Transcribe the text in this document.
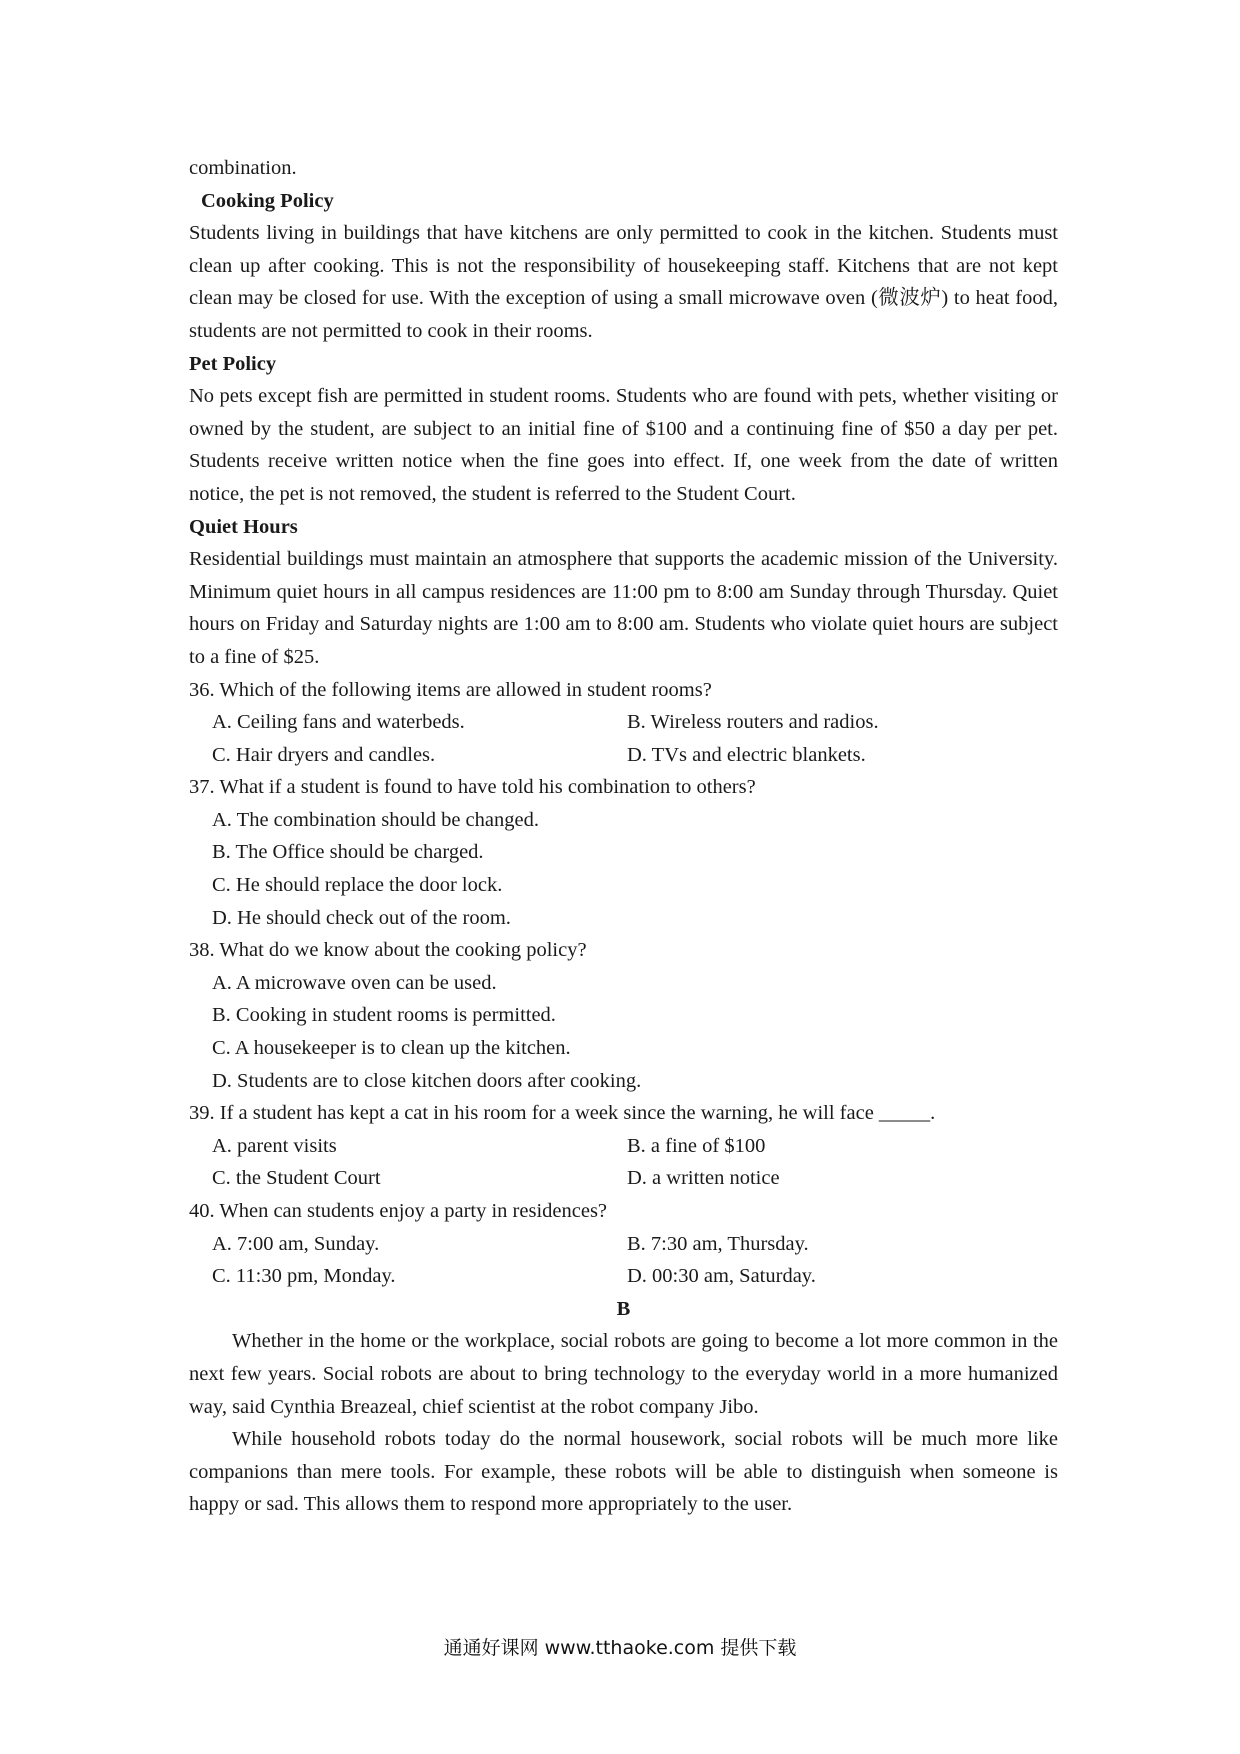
combination.

Cooking Policy

Students living in buildings that have kitchens are only permitted to cook in the kitchen. Students must clean up after cooking. This is not the responsibility of housekeeping staff. Kitchens that are not kept clean may be closed for use. With the exception of using a small microwave oven (微波炉) to heat food, students are not permitted to cook in their rooms.

Pet Policy

No pets except fish are permitted in student rooms. Students who are found with pets, whether visiting or owned by the student, are subject to an initial fine of $100 and a continuing fine of $50 a day per pet. Students receive written notice when the fine goes into effect. If, one week from the date of written notice, the pet is not removed, the student is referred to the Student Court.

Quiet Hours

Residential buildings must maintain an atmosphere that supports the academic mission of the University. Minimum quiet hours in all campus residences are 11:00 pm to 8:00 am Sunday through Thursday. Quiet hours on Friday and Saturday nights are 1:00 am to 8:00 am. Students who violate quiet hours are subject to a fine of $25.

36. Which of the following items are allowed in student rooms?

A. Ceiling fans and waterbeds.	B. Wireless routers and radios.
C. Hair dryers and candles.	D. TVs and electric blankets.

37. What if a student is found to have told his combination to others?

A. The combination should be changed.

B. The Office should be charged.

C. He should replace the door lock.

D. He should check out of the room.

38. What do we know about the cooking policy?

A. A microwave oven can be used.

B. Cooking in student rooms is permitted.

C. A housekeeper is to clean up the kitchen.

D. Students are to close kitchen doors after cooking.

39. If a student has kept a cat in his room for a week since the warning, he will face _____.

A. parent visits	B. a fine of $100
C. the Student Court	D. a written notice

40. When can students enjoy a party in residences?

A. 7:00 am, Sunday.	B. 7:30 am, Thursday.
C. 11:30 pm, Monday.	D. 00:30 am, Saturday.

B

Whether in the home or the workplace, social robots are going to become a lot more common in the next few years. Social robots are about to bring technology to the everyday world in a more humanized way, said Cynthia Breazeal, chief scientist at the robot company Jibo.

While household robots today do the normal housework, social robots will be much more like companions than mere tools. For example, these robots will be able to distinguish when someone is happy or sad. This allows them to respond more appropriately to the user.

通通好课网 www.tthaoke.com 提供下载
